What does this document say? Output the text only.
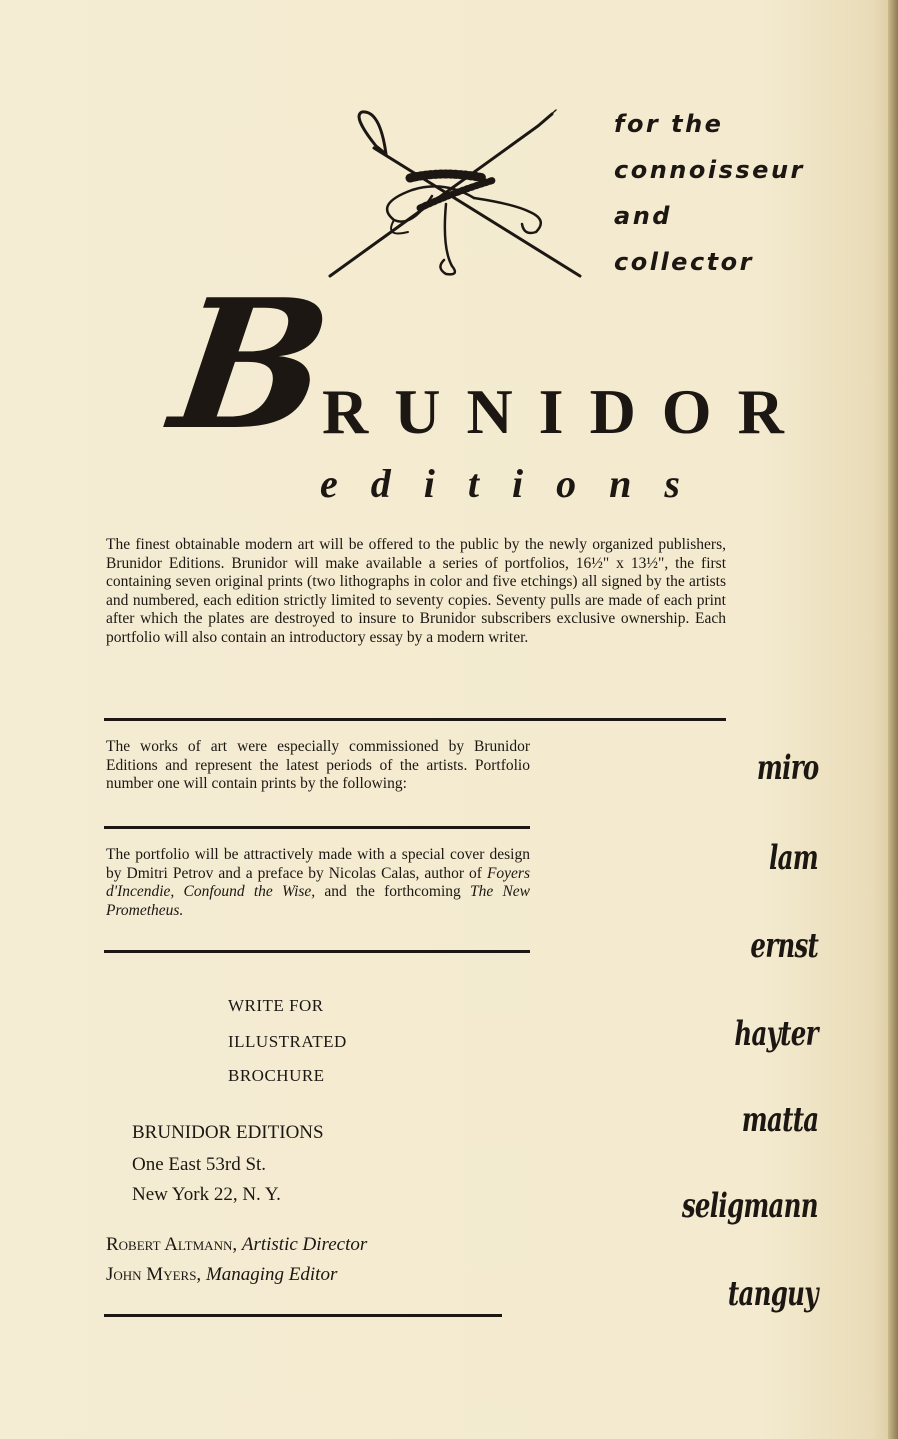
for the
connoisseur
and
collector
B
RUNIDOR
editions
The finest obtainable modern art will be offered to the public by the newly organized publishers, Brunidor Editions. Brunidor will make available a series of portfolios, 16½" x 13½", the first containing seven original prints (two lithographs in color and five etchings) all signed by the artists and numbered, each edition strictly limited to seventy copies. Seventy pulls are made of each print after which the plates are destroyed to insure to Brunidor subscribers exclusive ownership. Each portfolio will also contain an introductory essay by a modern writer.
The works of art were especially commissioned by Brunidor Editions and represent the latest periods of the artists. Portfolio number one will contain prints by the following:
The portfolio will be attractively made with a special cover design by Dmitri Petrov and a preface by Nicolas Calas, author of Foyers d'Incendie, Confound the Wise, and the forthcoming The New Prometheus.
WRITE FOR
ILLUSTRATED
BROCHURE
BRUNIDOR EDITIONS
One East 53rd St.
New York 22, N. Y.
Robert Altmann, Artistic Director
John Myers, Managing Editor
miro
lam
ernst
hayter
matta
seligmann
tanguy
